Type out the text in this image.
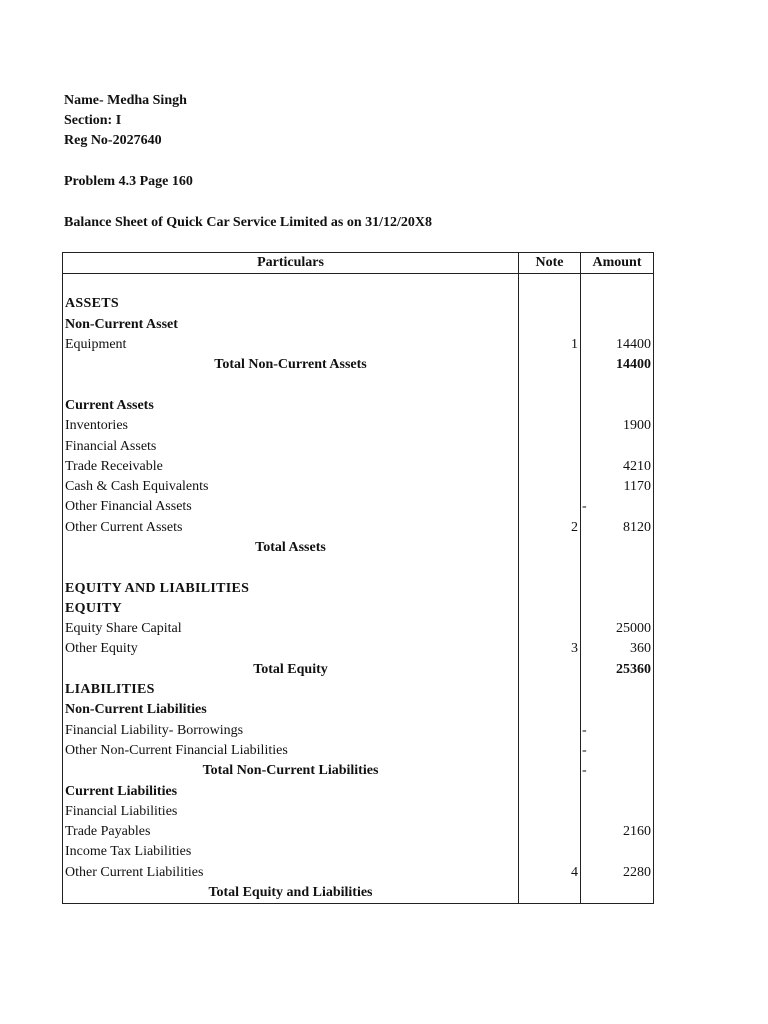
Name- Medha Singh
Section: I
Reg No-2027640
Problem 4.3 Page 160
Balance Sheet of Quick Car Service Limited as on 31/12/20X8
Particulars	Note	Amount

ASSETS		
Non-Current Asset		
Equipment	1	14400
Total Non-Current Assets		14400

Current Assets		
Inventories		1900
Financial Assets		
Trade Receivable		4210
Cash & Cash Equivalents		1170
Other Financial Assets		-
Other Current Assets	2	8120
Total Assets		

EQUITY AND LIABILITIES		
EQUITY		
Equity Share Capital		25000
Other Equity	3	360
Total Equity		25360
LIABILITIES		
Non-Current Liabilities		
Financial Liability- Borrowings		-
Other Non-Current Financial Liabilities		-
Total Non-Current Liabilities		-
Current Liabilities		
Financial Liabilities		
Trade Payables		2160
Income Tax Liabilities		
Other Current Liabilities	4	2280
Total Equity and Liabilities		
